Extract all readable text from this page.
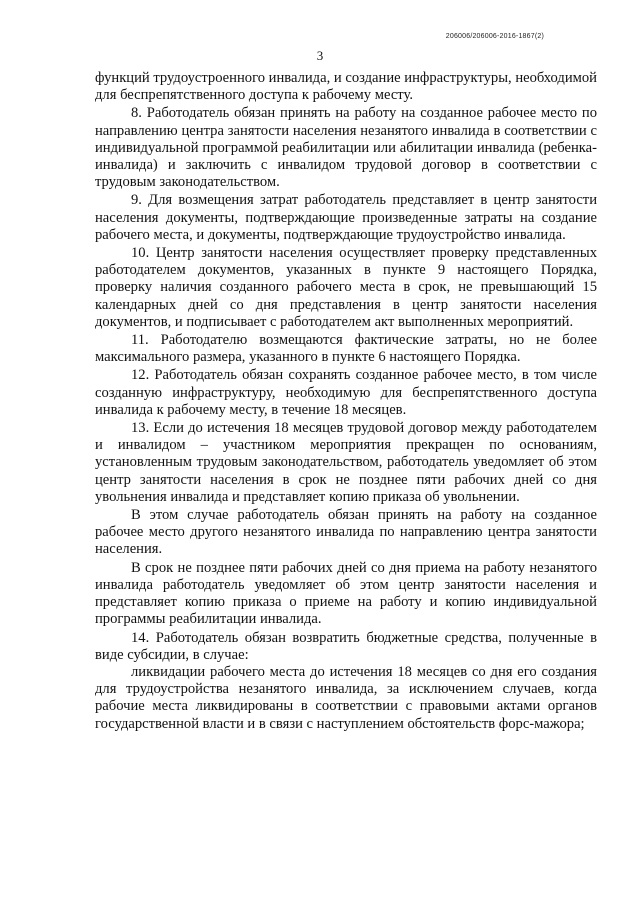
206006/206006-2016-1867(2)
3

функций трудоустроенного инвалида, и создание инфраструктуры, необходимой для беспрепятственного доступа к рабочему месту.

8. Работодатель обязан принять на работу на созданное рабочее место по направлению центра занятости населения незанятого инвалида в соответствии с индивидуальной программой реабилитации или абилитации инвалида (ребенка-инвалида) и заключить с инвалидом трудовой договор в соответствии с трудовым законодательством.

9. Для возмещения затрат работодатель представляет в центр занятости населения документы, подтверждающие произведенные затраты на создание рабочего места, и документы, подтверждающие трудоустройство инвалида.

10. Центр занятости населения осуществляет проверку представленных работодателем документов, указанных в пункте 9 настоящего Порядка, проверку наличия созданного рабочего места в срок, не превышающий 15 календарных дней со дня представления в центр занятости населения документов, и подписывает с работодателем акт выполненных мероприятий.

11. Работодателю возмещаются фактические затраты, но не более максимального размера, указанного в пункте 6 настоящего Порядка.

12. Работодатель обязан сохранять созданное рабочее место, в том числе созданную инфраструктуру, необходимую для беспрепятственного доступа инвалида к рабочему месту, в течение 18 месяцев.

13. Если до истечения 18 месяцев трудовой договор между работодателем и инвалидом – участником мероприятия прекращен по основаниям, установленным трудовым законодательством, работодатель уведомляет об этом центр занятости населения в срок не позднее пяти рабочих дней со дня увольнения инвалида и представляет копию приказа об увольнении.

В этом случае работодатель обязан принять на работу на созданное рабочее место другого незанятого инвалида по направлению центра занятости населения.

В срок не позднее пяти рабочих дней со дня приема на работу незанятого инвалида работодатель уведомляет об этом центр занятости населения и представляет копию приказа о приеме на работу и копию индивидуальной программы реабилитации инвалида.

14. Работодатель обязан возвратить бюджетные средства, полученные в виде субсидии, в случае:

ликвидации рабочего места до истечения 18 месяцев со дня его создания для трудоустройства незанятого инвалида, за исключением случаев, когда рабочие места ликвидированы в соответствии с правовыми актами органов государственной власти и в связи с наступлением обстоятельств форс-мажора;
